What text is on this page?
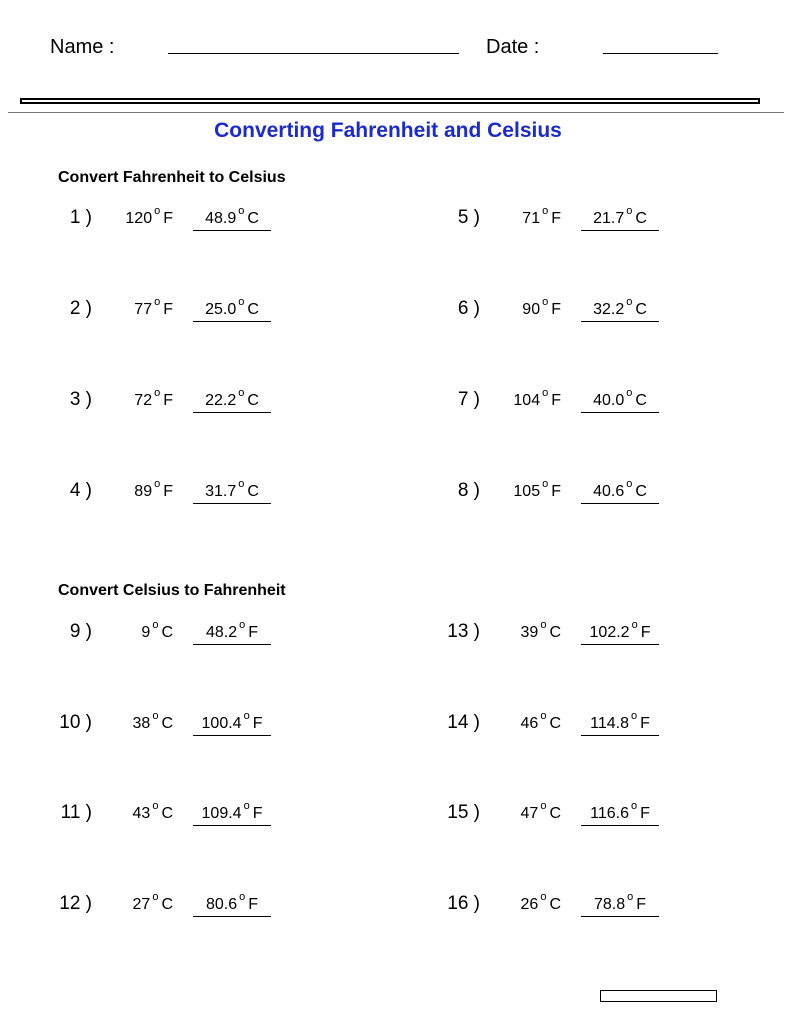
Name :	Date :
Converting Fahrenheit and Celsius
Convert Fahrenheit to Celsius
Convert Celsius to Fahrenheit
1 ) 120 $^o$ F	48.9 $^o$ C
2 )	77 $^o$ F	25.0 $^o$ C
3 )	72 $^o$ F	22.2 $^o$ C
4 )	89 $^o$ F	31.7 $^o$ C
5 )	71 $^o$ F	21.7 $^o$ C
6 )	90 $^o$ F	32.2 $^o$ C
7 ) 104 $^o$ F	40.0 $^o$ C
8 ) 105 $^o$ F	40.6 $^o$ C
9 )	9 $^o$ C	48.2 $^o$ F
10 )	38 $^o$ C	100.4 $^o$ F
11 )	43 $^o$ C	109.4 $^o$ F
12 )	27 $^o$ C	80.6 $^o$ F
13 )	39 $^o$ C	102.2 $^o$ F
14 )	46 $^o$ C	114.8 $^o$ F
15 )	47 $^o$ C	116.6 $^o$ F
16 )	26 $^o$ C	78.8 $^o$ F
